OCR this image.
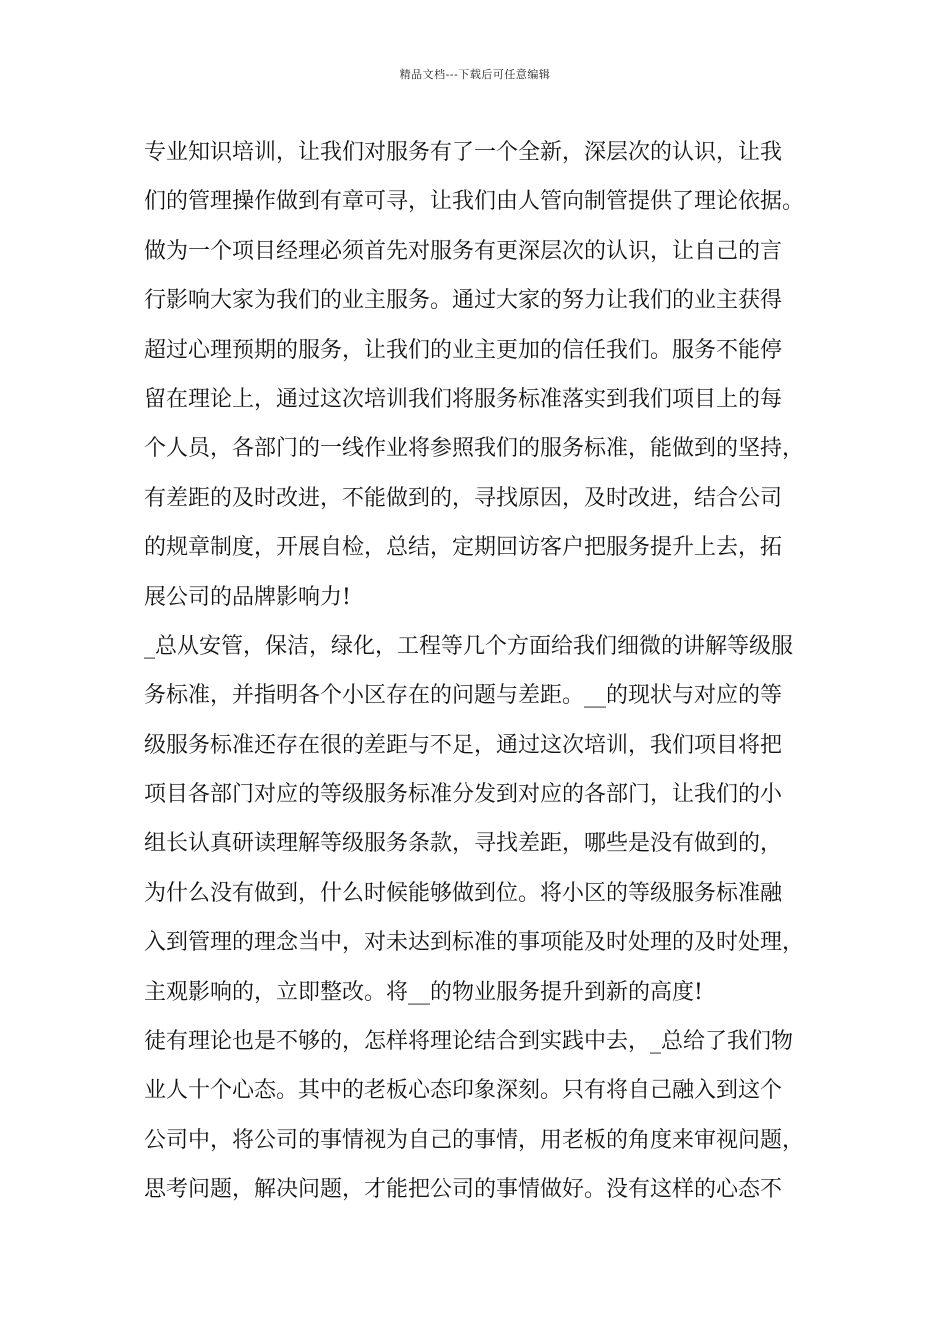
精品文档---下载后可任意编辑
专业知识培训，让我们对服务有了一个全新，深层次的认识，让我
们的管理操作做到有章可寻，让我们由人管向制管提供了理论依据。
做为一个项目经理必须首先对服务有更深层次的认识，让自己的言
行影响大家为我们的业主服务。通过大家的努力让我们的业主获得
超过心理预期的服务，让我们的业主更加的信任我们。服务不能停
留在理论上，通过这次培训我们将服务标准落实到我们项目上的每
个人员，各部门的一线作业将参照我们的服务标准，能做到的坚持，
有差距的及时改进，不能做到的，寻找原因，及时改进，结合公司
的规章制度，开展自检，总结，定期回访客户把服务提升上去，拓
展公司的品牌影响力!
_总从安管，保洁，绿化，工程等几个方面给我们细微的讲解等级服
务标准，并指明各个小区存在的问题与差距。__的现状与对应的等
级服务标准还存在很的差距与不足，通过这次培训，我们项目将把
项目各部门对应的等级服务标准分发到对应的各部门，让我们的小
组长认真研读理解等级服务条款，寻找差距，哪些是没有做到的，
为什么没有做到，什么时候能够做到位。将小区的等级服务标准融
入到管理的理念当中，对未达到标准的事项能及时处理的及时处理，
主观影响的，立即整改。将__的物业服务提升到新的高度!
徒有理论也是不够的，怎样将理论结合到实践中去，_总给了我们物
业人十个心态。其中的老板心态印象深刻。只有将自己融入到这个
公司中，将公司的事情视为自己的事情，用老板的角度来审视问题，
思考问题，解决问题，才能把公司的事情做好。没有这样的心态不
